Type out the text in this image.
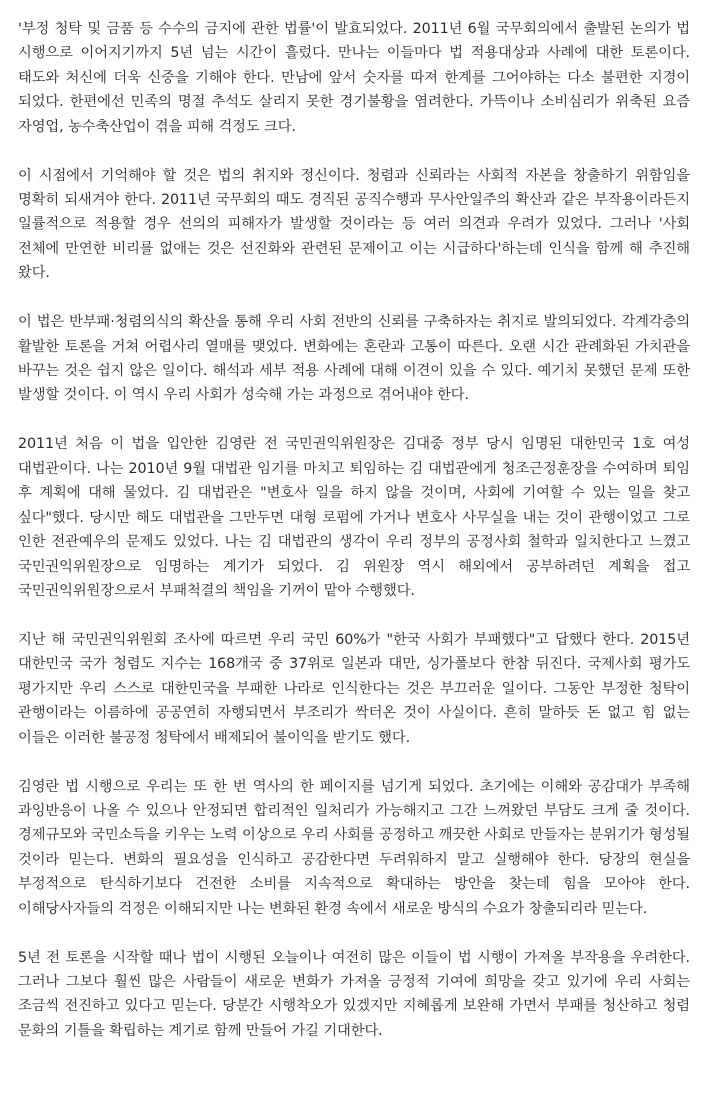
'부정 청탁 및 금품 등 수수의 금지에 관한 법률'이 발효되었다. 2011년 6월 국무회의에서 출발된 논의가 법 시행으로 이어지기까지 5년 넘는 시간이 흘렀다. 만나는 이들마다 법 적용대상과 사례에 대한 토론이다. 태도와 처신에 더욱 신중을 기해야 한다. 만남에 앞서 숫자를 따져 한계를 그어야하는 다소 불편한 지경이 되었다. 한편에선 민족의 명절 추석도 살리지 못한 경기불황을 염려한다. 가뜩이나 소비심리가 위축된 요즘 자영업, 농수축산업이 겪을 피해 걱정도 크다.

이 시점에서 기억해야 할 것은 법의 취지와 정신이다. 청렴과 신뢰라는 사회적 자본을 창출하기 위함임을 명확히 되새겨야 한다. 2011년 국무회의 때도 경직된 공직수행과 무사안일주의 확산과 같은 부작용이라든지 일률적으로 적용할 경우 선의의 피해자가 발생할 것이라는 등 여러 의견과 우려가 있었다. 그러나 '사회 전체에 만연한 비리를 없애는 것은 선진화와 관련된 문제이고 이는 시급하다'하는데 인식을 함께 해 추진해 왔다.

이 법은 반부패·청렴의식의 확산을 통해 우리 사회 전반의 신뢰를 구축하자는 취지로 발의되었다. 각계각층의 활발한 토론을 거쳐 어렵사리 열매를 맺었다. 변화에는 혼란과 고통이 따른다. 오랜 시간 관례화된 가치관을 바꾸는 것은 쉽지 않은 일이다. 해석과 세부 적용 사례에 대해 이견이 있을 수 있다. 예기치 못했던 문제 또한 발생할 것이다. 이 역시 우리 사회가 성숙해 가는 과정으로 겪어내야 한다.

2011년 처음 이 법을 입안한 김영란 전 국민권익위원장은 김대중 정부 당시 임명된 대한민국 1호 여성 대법관이다. 나는 2010년 9월 대법관 임기를 마치고 퇴임하는 김 대법관에게 청조근정훈장을 수여하며 퇴임 후 계획에 대해 물었다. 김 대법관은 "변호사 일을 하지 않을 것이며, 사회에 기여할 수 있는 일을 찾고 싶다"했다. 당시만 해도 대법관을 그만두면 대형 로펌에 가거나 변호사 사무실을 내는 것이 관행이었고 그로 인한 전관예우의 문제도 있었다. 나는 김 대법관의 생각이 우리 정부의 공정사회 철학과 일치한다고 느꼈고 국민권익위원장으로 임명하는 계기가 되었다. 김 위원장 역시 해외에서 공부하려던 계획을 접고 국민권익위원장으로서 부패척결의 책임을 기꺼이 맡아 수행했다.

지난 해 국민권익위원회 조사에 따르면 우리 국민 60%가 "한국 사회가 부패했다"고 답했다 한다. 2015년 대한민국 국가 청렴도 지수는 168개국 중 37위로 일본과 대만, 싱가폴보다 한참 뒤진다. 국제사회 평가도 평가지만 우리 스스로 대한민국을 부패한 나라로 인식한다는 것은 부끄러운 일이다. 그동안 부정한 청탁이 관행이라는 이름하에 공공연히 자행되면서 부조리가 싹터온 것이 사실이다. 흔히 말하듯 돈 없고 힘 없는 이들은 이러한 불공정 청탁에서 배제되어 불이익을 받기도 했다.

김영란 법 시행으로 우리는 또 한 번 역사의 한 페이지를 넘기게 되었다. 초기에는 이해와 공감대가 부족해 과잉반응이 나올 수 있으나 안정되면 합리적인 일처리가 가능해지고 그간 느껴왔던 부담도 크게 줄 것이다. 경제규모와 국민소득을 키우는 노력 이상으로 우리 사회를 공정하고 깨끗한 사회로 만들자는 분위기가 형성될 것이라 믿는다. 변화의 필요성을 인식하고 공감한다면 두려워하지 말고 실행해야 한다. 당장의 현실을 부정적으로 탄식하기보다 건전한 소비를 지속적으로 확대하는 방안을 찾는데 힘을 모아야 한다. 이해당사자들의 걱정은 이해되지만 나는 변화된 환경 속에서 새로운 방식의 수요가 창출되리라 믿는다.

5년 전 토론을 시작할 때나 법이 시행된 오늘이나 여전히 많은 이들이 법 시행이 가져올 부작용을 우려한다. 그러나 그보다 훨씬 많은 사람들이 새로운 변화가 가져올 긍정적 기여에 희망을 갖고 있기에 우리 사회는 조금씩 전진하고 있다고 믿는다. 당분간 시행착오가 있겠지만 지혜롭게 보완해 가면서 부패를 청산하고 청렴 문화의 기틀을 확립하는 계기로 함께 만들어 가길 기대한다.
